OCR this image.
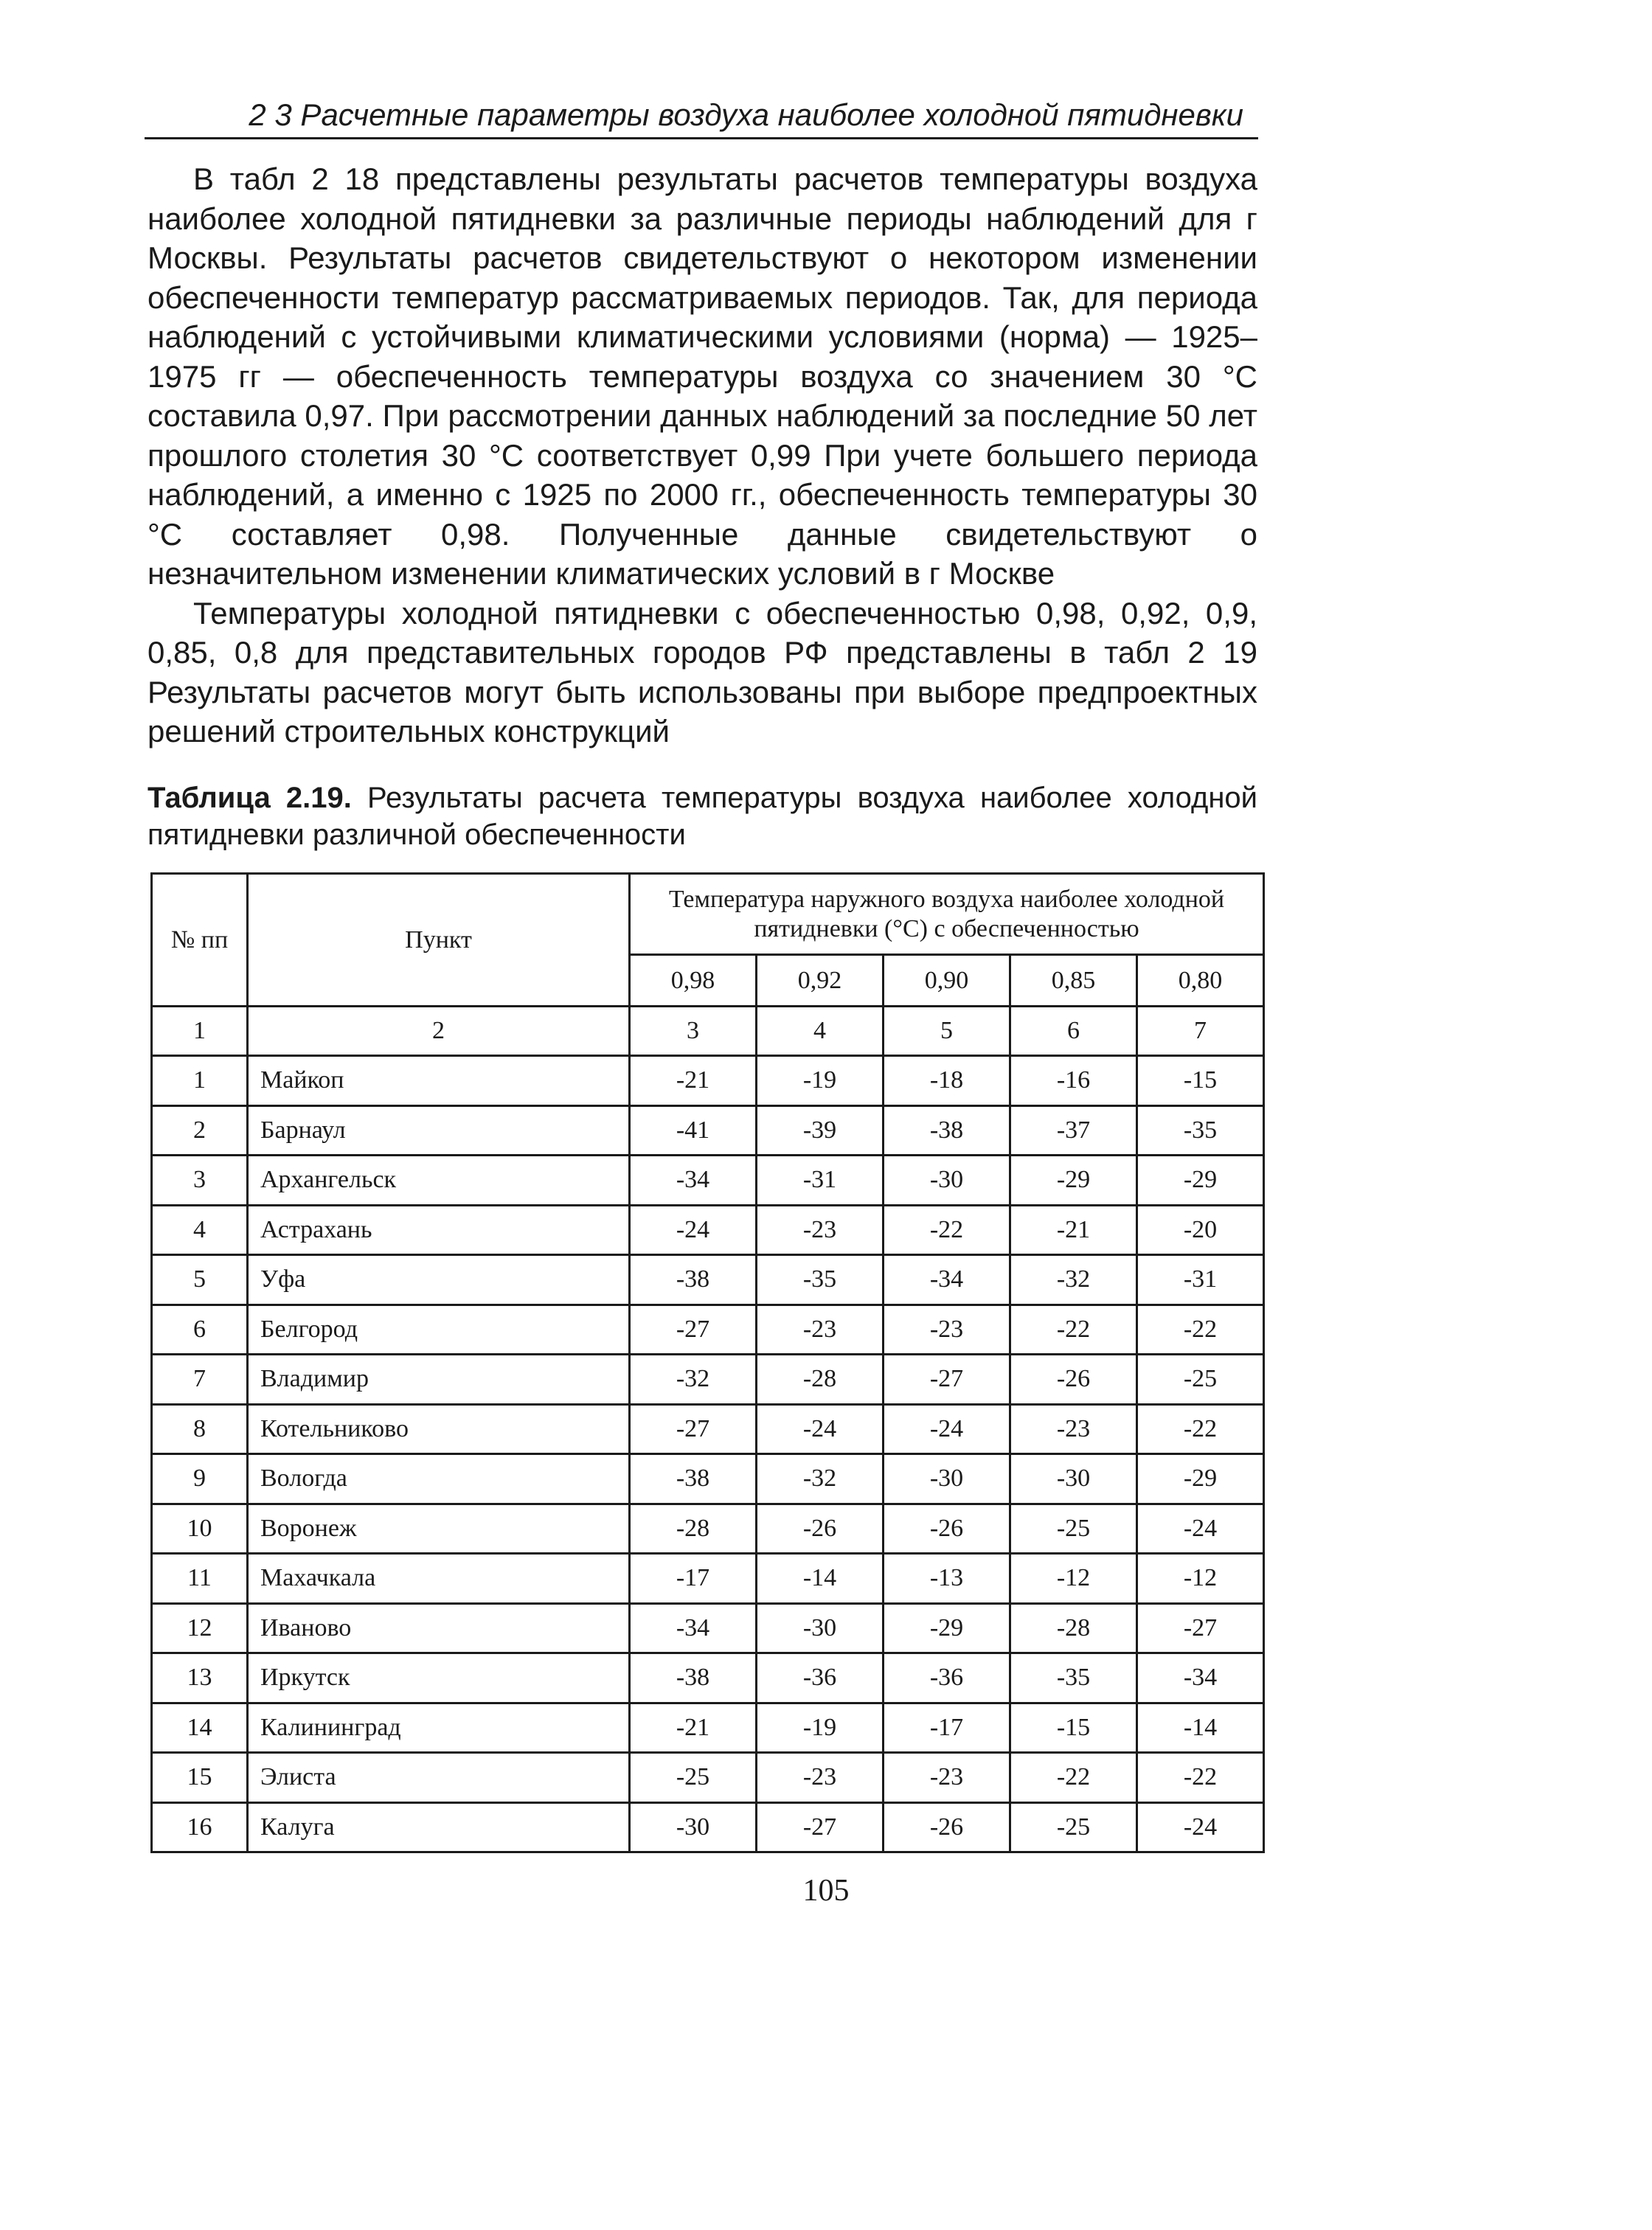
2 3 Расчетные параметры воздуха наиболее холодной пятидневки

В табл 2 18 представлены результаты расчетов температуры воздуха наиболее холодной пятидневки за различные периоды наблюдений для г Москвы. Результаты расчетов свидетельствуют о некотором изменении обеспеченности температур рассматриваемых периодов. Так, для периода наблюдений с устойчивыми климатическими условиями (норма) — 1925–1975 гг — обеспеченность температуры воздуха со значением 30 °С составила 0,97. При рассмотрении данных наблюдений за последние 50 лет прошлого столетия 30 °С соответствует 0,99 При учете большего периода наблюдений, а именно с 1925 по 2000 гг., обеспеченность температуры 30 °С составляет 0,98. Полученные данные свидетельствуют о незначительном изменении климатических условий в г Москве

Температуры холодной пятидневки с обеспеченностью 0,98, 0,92, 0,9, 0,85, 0,8 для представительных городов РФ представлены в табл 2 19 Результаты расчетов могут быть использованы при выборе предпроектных решений строительных конструкций

Таблица 2.19. Результаты расчета температуры воздуха наиболее холодной пятидневки различной обеспеченности
№ пп	Пункт	Температура наружного воздуха наиболее холодной пятидневки (°С) с обеспеченностью				
		0,98	0,92	0,90	0,85	0,80
1	2	3	4	5	6	7
1	Майкоп	-21	-19	-18	-16	-15
2	Барнаул	-41	-39	-38	-37	-35
3	Архангельск	-34	-31	-30	-29	-29
4	Астрахань	-24	-23	-22	-21	-20
5	Уфа	-38	-35	-34	-32	-31
6	Белгород	-27	-23	-23	-22	-22
7	Владимир	-32	-28	-27	-26	-25
8	Котельниково	-27	-24	-24	-23	-22
9	Вологда	-38	-32	-30	-30	-29
10	Воронеж	-28	-26	-26	-25	-24
11	Махачкала	-17	-14	-13	-12	-12
12	Иваново	-34	-30	-29	-28	-27
13	Иркутск	-38	-36	-36	-35	-34
14	Калининград	-21	-19	-17	-15	-14
15	Элиста	-25	-23	-23	-22	-22
16	Калуга	-30	-27	-26	-25	-24
105
